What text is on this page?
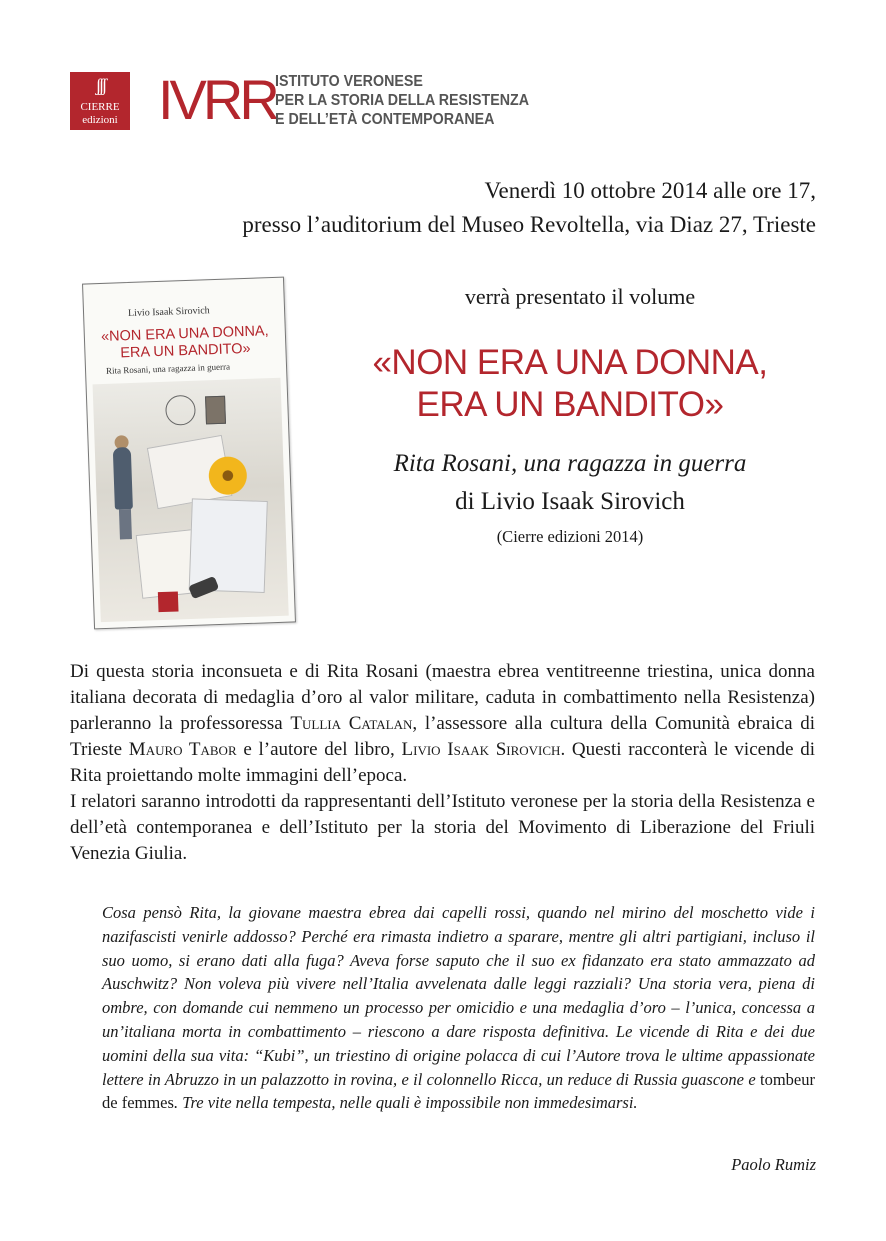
ʃʃʃ
CIERRE
edizioni IVRR ISTITUTO VERONESE
PER LA STORIA DELLA RESISTENZA
E DELL’ETÀ CONTEMPORANEA
Venerdì 10 ottobre 2014 alle ore 17,
presso l’auditorium del Museo Revoltella, via Diaz 27, Trieste
Livio Isaak Sirovich
«NON ERA UNA DONNA,
ERA UN BANDITO»
Rita Rosani, una ragazza in guerra
verrà presentato il volume
«NON ERA UNA DONNA,
ERA UN BANDITO»
Rita Rosani, una ragazza in guerra
di Livio Isaak Sirovich
(Cierre edizioni 2014)

Di questa storia inconsueta e di Rita Rosani (maestra ebrea ventitreenne triestina, unica donna italiana decorata di medaglia d’oro al valor militare, caduta in combattimento nella Resistenza) parleranno la professoressa Tullia Catalan, l’assessore alla cultura della Comunità ebraica di Trieste Mauro Tabor e l’autore del libro, Livio Isaak Sirovich. Questi racconterà le vicende di Rita proiettando molte immagini dell’epoca.

I relatori saranno introdotti da rappresentanti dell’Istituto veronese per la storia della Resistenza e dell’età contemporanea e dell’Istituto per la storia del Movimento di Liberazione del Friuli Venezia Giulia.

Cosa pensò Rita, la giovane maestra ebrea dai capelli rossi, quando nel mirino del moschetto vide i nazifascisti venirle addosso? Perché era rimasta indietro a sparare, mentre gli altri partigiani, incluso il suo uomo, si erano dati alla fuga? Aveva forse saputo che il suo ex fidanzato era stato ammazzato ad Auschwitz? Non voleva più vivere nell’Italia avvelenata dalle leggi razziali? Una storia vera, piena di ombre, con domande cui nemmeno un processo per omicidio e una medaglia d’oro – l’unica, concessa a un’italiana morta in combattimento – riescono a dare risposta definitiva. Le vicende di Rita e dei due uomini della sua vita: “Kubi”, un triestino di origine polacca di cui l’Autore trova le ultime appassionate lettere in Abruzzo in un palazzotto in rovina, e il colonnello Ricca, un reduce di Russia guascone e tombeur de femmes. Tre vite nella tempesta, nelle quali è impossibile non immedesimarsi.

Paolo Rumiz
